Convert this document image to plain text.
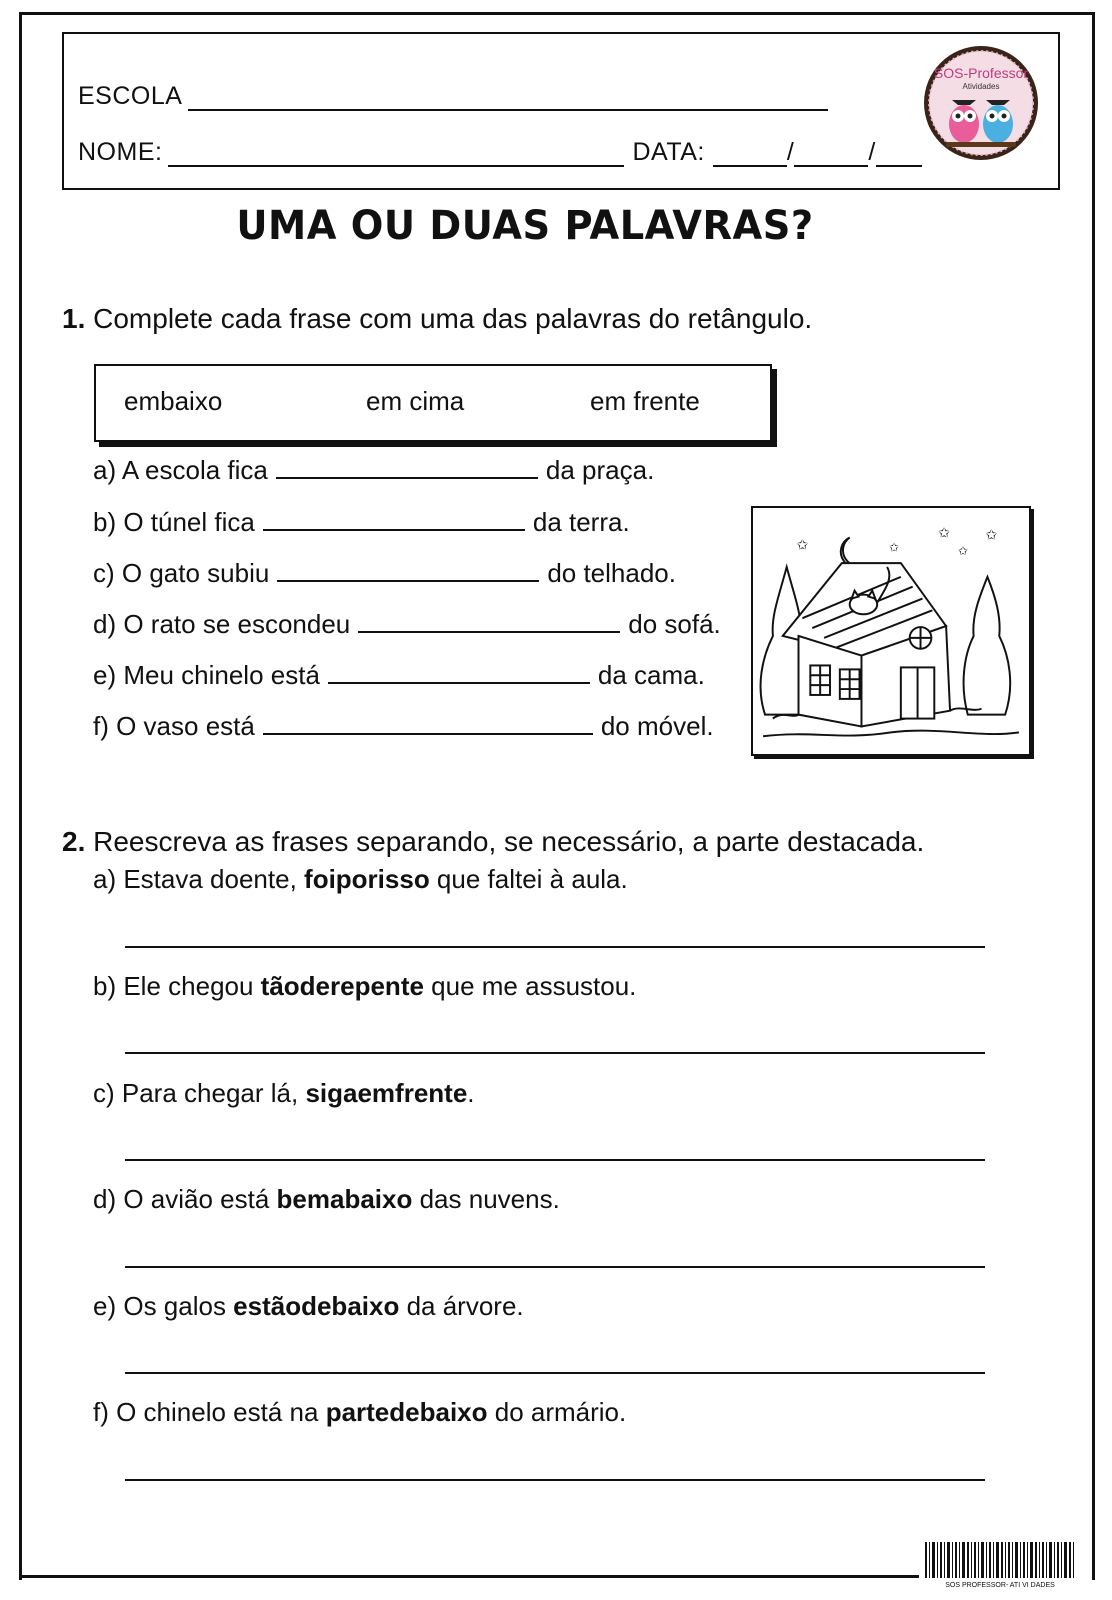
ESCOLA
NOME:	DATA:	/	/
SOS-Professor
Atividades
UMA OU DUAS PALAVRAS?
1. Complete cada frase com uma das palavras do retângulo.
embaixo	em cima	em frente
a) A escola fica	da praça.
b) O túnel fica	da terra.
c) O gato subiu	do telhado.
d) O rato se escondeu	do sofá.
e) Meu chinelo está	da cama.
f) O vaso está	do móvel.
✩	✩
✩
✩
✩
2. Reescreva as frases separando, se necessário, a parte destacada.
a) Estava doente, foiporisso que faltei à aula.
b) Ele chegou tãoderepente que me assustou.
c) Para chegar lá, sigaemfrente.
d) O avião está bemabaixo das nuvens.
e) Os galos estãodebaixo da árvore.
f) O chinelo está na partedebaixo do armário.
SOS PROFESSOR- ATI VI DADES
